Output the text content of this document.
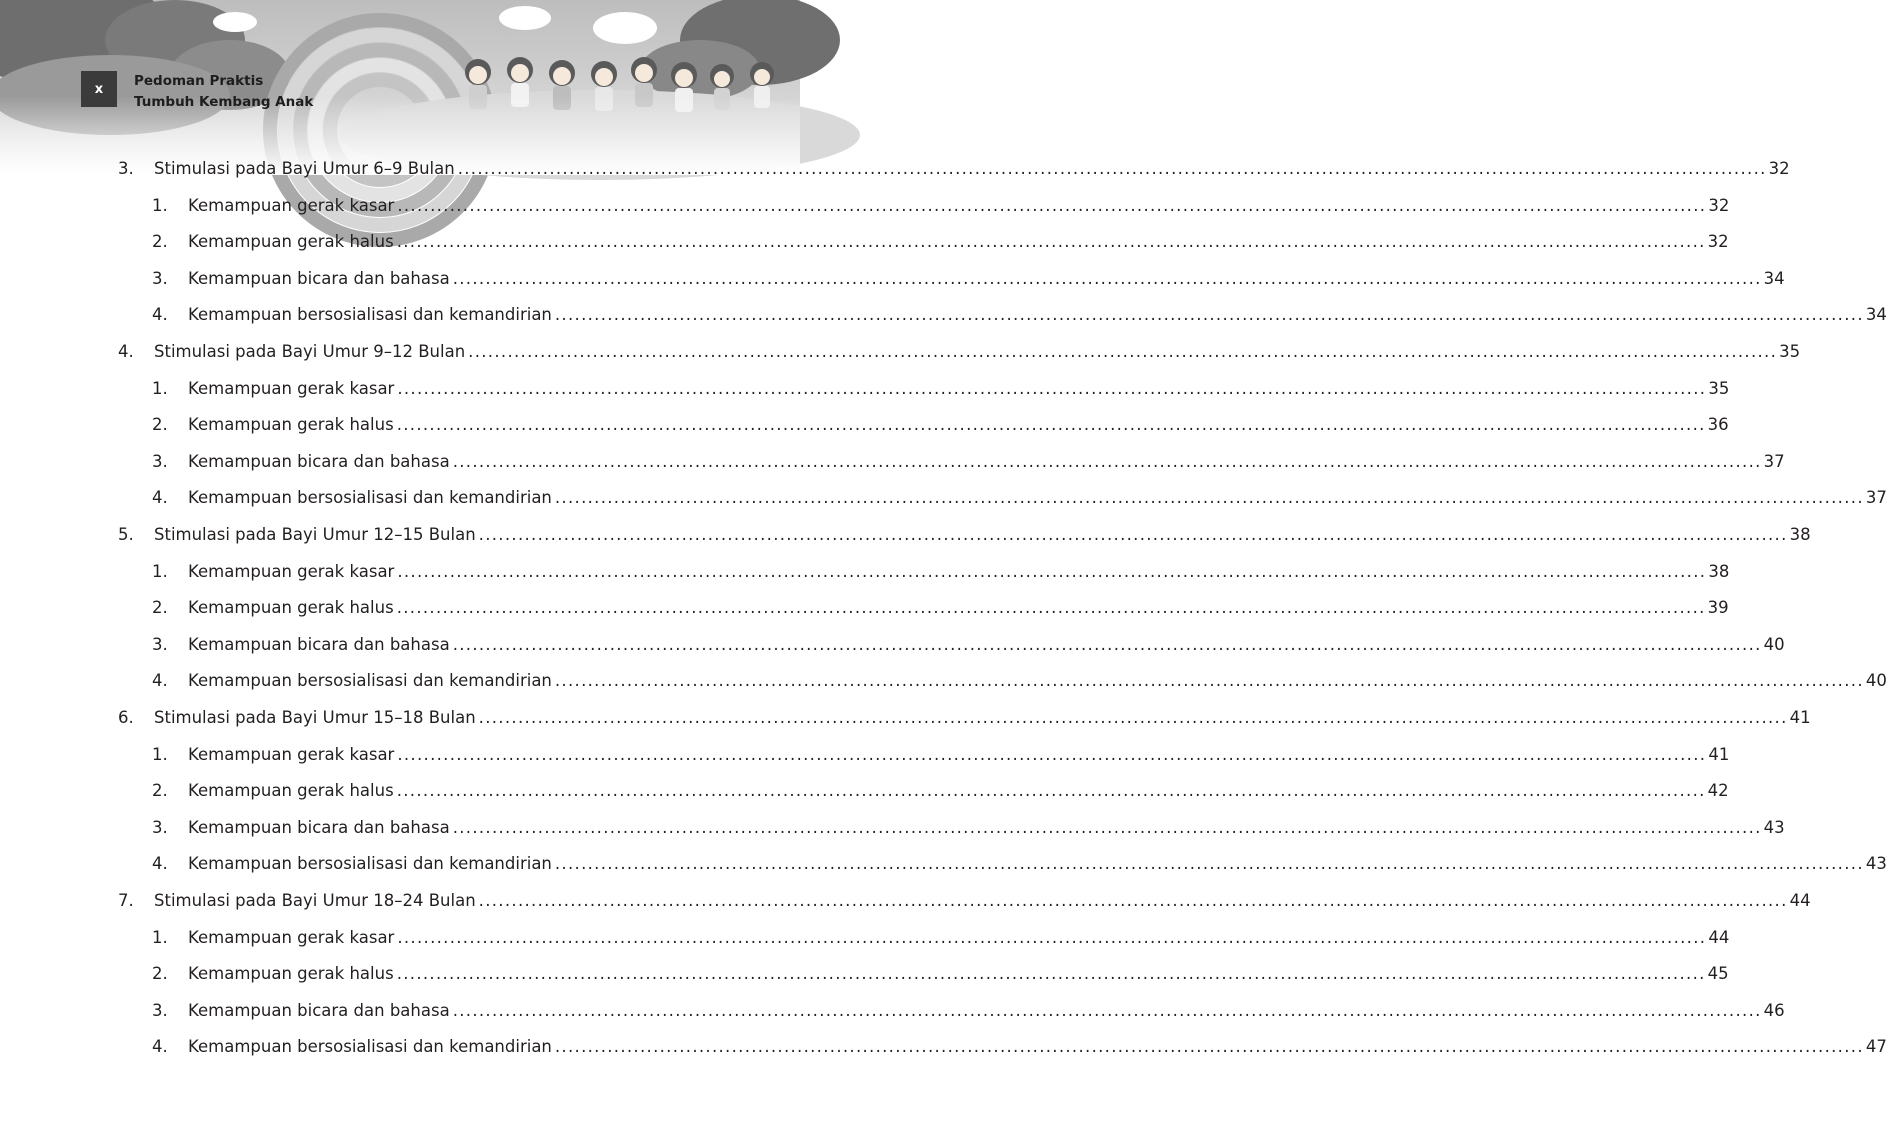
x	Pedoman Praktis
Tumbuh Kembang Anak
3.	Stimulasi pada Bayi Umur 6–9 Bulan ........................................................................................................................................................................................................ 32
1.	Kemampuan gerak kasar ........................................................................................................................................................................................................ 32
2.	Kemampuan gerak halus ........................................................................................................................................................................................................ 32
3.	Kemampuan bicara dan bahasa ........................................................................................................................................................................................................ 34
4.	Kemampuan bersosialisasi dan kemandirian ........................................................................................................................................................................................................ 34
4.	Stimulasi pada Bayi Umur 9–12 Bulan ........................................................................................................................................................................................................ 35
1.	Kemampuan gerak kasar ........................................................................................................................................................................................................ 35
2.	Kemampuan gerak halus ........................................................................................................................................................................................................ 36
3.	Kemampuan bicara dan bahasa ........................................................................................................................................................................................................ 37
4.	Kemampuan bersosialisasi dan kemandirian ........................................................................................................................................................................................................ 37
5.	Stimulasi pada Bayi Umur 12–15 Bulan ........................................................................................................................................................................................................ 38
1.	Kemampuan gerak kasar ........................................................................................................................................................................................................ 38
2.	Kemampuan gerak halus ........................................................................................................................................................................................................ 39
3.	Kemampuan bicara dan bahasa ........................................................................................................................................................................................................ 40
4.	Kemampuan bersosialisasi dan kemandirian ........................................................................................................................................................................................................ 40
6.	Stimulasi pada Bayi Umur 15–18 Bulan ........................................................................................................................................................................................................ 41
1.	Kemampuan gerak kasar ........................................................................................................................................................................................................ 41
2.	Kemampuan gerak halus ........................................................................................................................................................................................................ 42
3.	Kemampuan bicara dan bahasa ........................................................................................................................................................................................................ 43
4.	Kemampuan bersosialisasi dan kemandirian ........................................................................................................................................................................................................ 43
7.	Stimulasi pada Bayi Umur 18–24 Bulan ........................................................................................................................................................................................................ 44
1.	Kemampuan gerak kasar ........................................................................................................................................................................................................ 44
2.	Kemampuan gerak halus ........................................................................................................................................................................................................ 45
3.	Kemampuan bicara dan bahasa ........................................................................................................................................................................................................ 46
4.	Kemampuan bersosialisasi dan kemandirian ........................................................................................................................................................................................................ 47
